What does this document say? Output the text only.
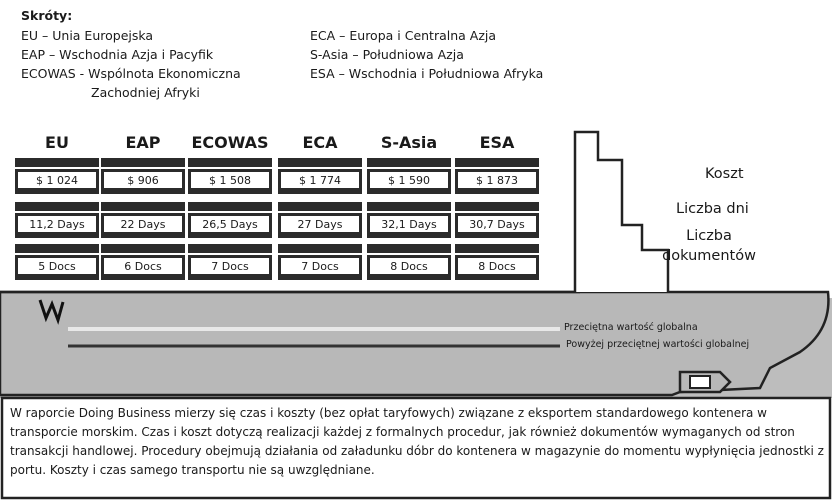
Skróty:
EU – Unia Europejska
EAP – Wschodnia Azja i Pacyfik
ECOWAS - Wspólnota Ekonomiczna
Zachodniej Afryki
ECA – Europa i Centralna Azja
S-Asia – Południowa Azja
ESA – Wschodnia i Południowa Afryka
EU	EAP	ECOWAS	ECA	S-Asia	ESA
$ 1 024	$ 906	$ 1 508	$ 1 774	$ 1 590	$ 1 873
11,2 Days	22 Days	26,5 Days	27 Days	32,1 Days	30,7 Days
5 Docs	6 Docs	7 Docs	7 Docs	8 Docs	8 Docs
Koszt
Liczba dni
Liczba
dokumentów
Przeciętna wartość globalna
Powyżej przeciętnej wartości globalnej
W raporcie Doing Business mierzy się czas i koszty (bez opłat taryfowych) związane z eksportem standardowego kontenera w transporcie morskim. Czas i koszt dotyczą realizacji każdej z formalnych procedur, jak również dokumentów wymaganych od stron transakcji handlowej. Procedury obejmują działania od załadunku dóbr do kontenera w magazynie do momentu wypłynięcia jednostki z portu. Koszty i czas samego transportu nie są uwzględniane.
